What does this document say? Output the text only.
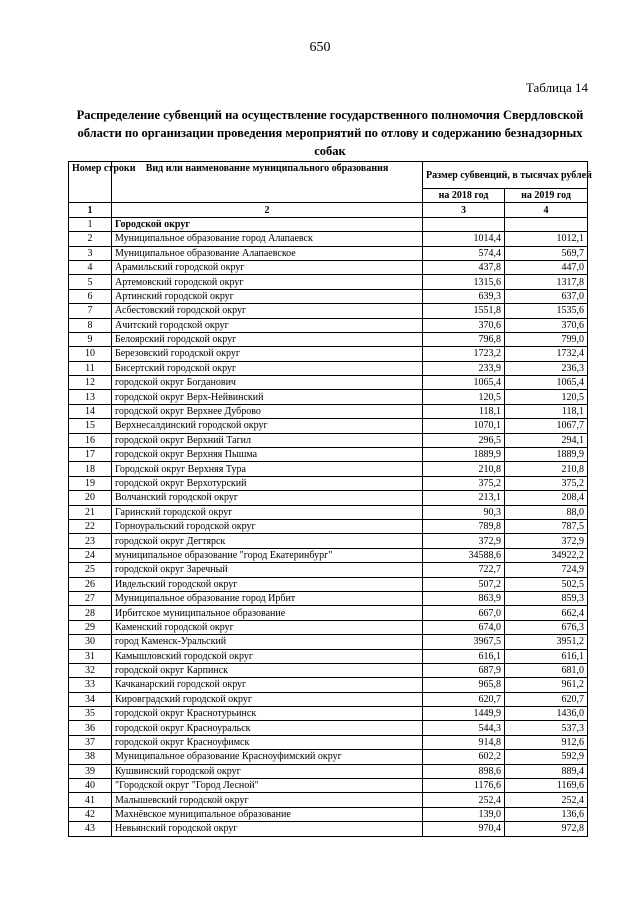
650
Таблица 14
Распределение субвенций на осуществление государственного полномочия Свердловской области по организации проведения мероприятий по отлову и содержанию безнадзорных собак
Номер строки	Вид или наименование муниципального образования	Размер субвенций, в тысячах рублей	
		на 2018 год	на 2019 год
1	2	3	4
1	Городской округ		
2	Муниципальное образование город Алапаевск	1014,4	1012,1
3	Муниципальное образование Алапаевское	574,4	569,7
4	Арамильский городской округ	437,8	447,0
5	Артемовский городской округ	1315,6	1317,8
6	Артинский городской округ	639,3	637,0
7	Асбестовский городской округ	1551,8	1535,6
8	Ачитский городской округ	370,6	370,6
9	Белоярский городской округ	796,8	799,0
10	Березовский городской округ	1723,2	1732,4
11	Бисертский городской округ	233,9	236,3
12	городской округ Богданович	1065,4	1065,4
13	городской округ Верх-Нейвинский	120,5	120,5
14	городской округ Верхнее Дуброво	118,1	118,1
15	Верхнесалдинский городской округ	1070,1	1067,7
16	городской округ Верхний Тагил	296,5	294,1
17	городской округ Верхняя Пышма	1889,9	1889,9
18	Городской округ Верхняя Тура	210,8	210,8
19	городской округ Верхотурский	375,2	375,2
20	Волчанский городской округ	213,1	208,4
21	Гаринский городской округ	90,3	88,0
22	Горноуральский городской округ	789,8	787,5
23	городской округ Дегтярск	372,9	372,9
24	муниципальное образование "город Екатеринбург"	34588,6	34922,2
25	городской округ Заречный	722,7	724,9
26	Ивдельский городской округ	507,2	502,5
27	Муниципальное образование город Ирбит	863,9	859,3
28	Ирбитское муниципальное образование	667,0	662,4
29	Каменский городской округ	674,0	676,3
30	город Каменск-Уральский	3967,5	3951,2
31	Камышловский городской округ	616,1	616,1
32	городской округ Карпинск	687,9	681,0
33	Качканарский городской округ	965,8	961,2
34	Кировградский городской округ	620,7	620,7
35	городской округ Краснотурьинск	1449,9	1436,0
36	городской округ Красноуральск	544,3	537,3
37	городской округ Красноуфимск	914,8	912,6
38	Муниципальное образование Красноуфимский округ	602,2	592,9
39	Кушвинский городской округ	898,6	889,4
40	"Городской округ "Город Лесной"	1176,6	1169,6
41	Малышевский городской округ	252,4	252,4
42	Махнёвское муниципальное образование	139,0	136,6
43	Невьянский городской округ	970,4	972,8
